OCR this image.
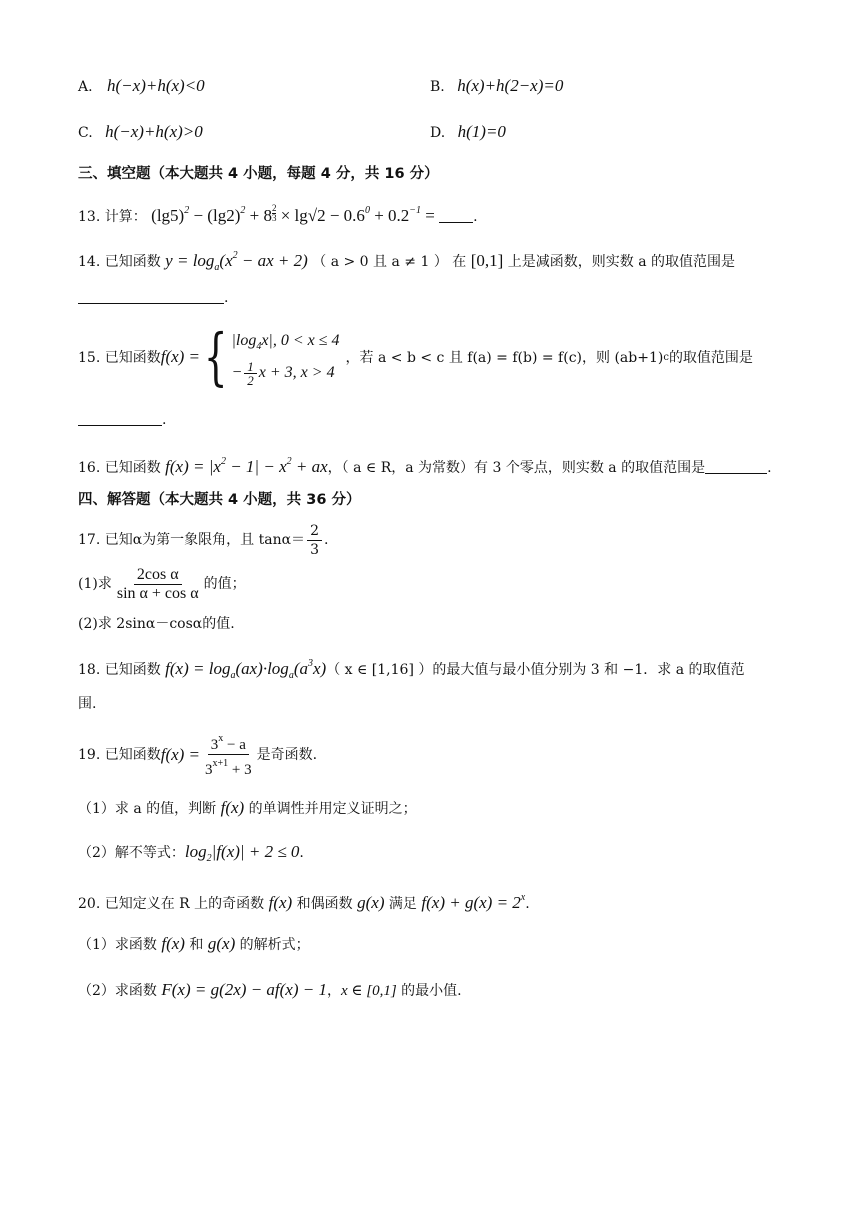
A. h(−x)+h(x)<0	B. h(x)+h(2−x)=0
C. h(−x)+h(x)>0	D. h(1)=0
三、填空题（本大题共 4 小题，每题 4 分，共 16 分）
13. 计算： $(\lg 5)^2 - (\lg 2)^2 + 8 \frac{2}{3} \times \lg√2 - 0.6^0 + 0.2^{-1}$ = .
14. 已知函数 $y = \log_a(x^2$ − ax + 2) （ a > 0 且 a ≠ 1 ） 在 [0,1] 上是减函数，则实数 a 的取值范围是
.
15. 已知函数 f(x) = { $|\log_4x|$, 0 < x ≤ 4
− $\frac{1}{2}$ x + 3, x > 4
，若 a < b < c 且 f(a) = f(b) = f(c)，则 (ab+1) c 的取值范围是
.
16. 已知函数 $f(x) = |x^2 - 1| - x^2$ + ax，（ a ∈ R，a 为常数）有 3 个零点，则实数 a 的取值范围是	.
四、解答题（本大题共 4 小题，共 36 分）
17. 已知α为第一象限角，且 $\tan\alpha= \frac{2}{3}$ .
(1)求 $\frac{\text{2cos α}}{\text{sin α + cos α}}$ 的值；
(2)求 2sinα－cosα的值.
18. 已知函数 $f(x) = \log_a(ax)\cdot\log_a(a^3x)$（ x ∈ [1,16] ）的最大值与最小值分别为 3 和 −1．求 a 的取值范
围.
19. 已知函数 $f(x) = \frac{3^x - a}{3^{x+1} + 3}$ 是奇函数.
（1）求 a 的值，判断 f(x) 的单调性并用定义证明之；
（2）解不等式：$\log_2|f(x)| + 2 \le 0$.
20. 已知定义在 R 上的奇函数 f(x) 和偶函数 g(x) 满足 $f(x) + g(x) = 2^x$.
（1）求函数 f(x) 和 g(x) 的解析式；
（2）求函数 F(x) = g(2x) − af(x) − 1，x ∈ [0,1] 的最小值.
